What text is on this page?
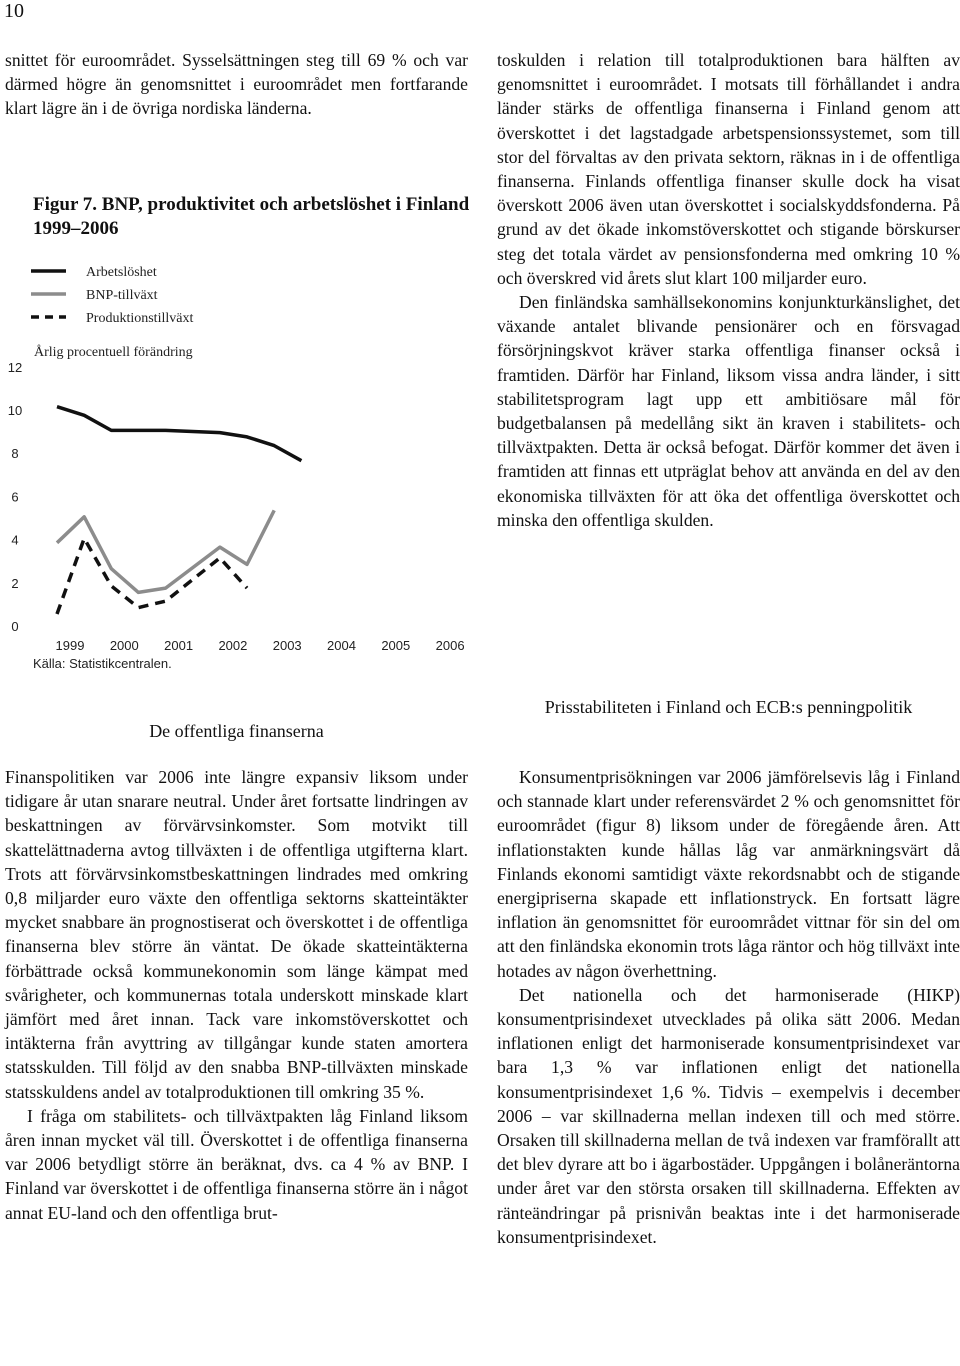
10

snittet för euroområdet. Sysselsättningen steg till 69 % och var därmed högre än genomsnittet i euroområdet men fortfarande klart lägre än i de övriga nordiska länderna.

Figur 7. BNP, produktivitet och arbetslöshet i Finland 1999–2006
Arbetslöshet
BNP-tillväxt
Produktionstillväxt
Årlig procentuell förändring
0
2
4
6
8
10
12
1999 2000 2001 2002 2003 2004 2005 2006
Källa: Statistikcentralen.
De offentliga finanserna

Finanspolitiken var 2006 inte längre expansiv liksom under tidigare år utan snarare neutral. Under året fortsatte lindringen av beskattningen av förvärvsinkomster. Som motvikt till skattelättnaderna avtog tillväxten i de offentliga utgifterna klart. Trots att förvärvsinkomstbeskattningen lindrades med omkring 0,8 miljarder euro växte den offentliga sektorns skatteintäkter mycket snabbare än prognostiserat och överskottet i de offentliga finanserna blev större än väntat. De ökade skatteintäkterna förbättrade också kommunekonomin som länge kämpat med svårigheter, och kommunernas totala underskott minskade klart jämfört med året innan. Tack vare inkomstöverskottet och intäkterna från avyttring av tillgångar kunde staten amortera statsskulden. Till följd av den snabba BNP-tillväxten minskade statsskuldens andel av totalproduktionen till omkring 35 %.

I fråga om stabilitets- och tillväxtpakten låg Finland liksom åren innan mycket väl till. Överskottet i de offentliga finanserna var 2006 betydligt större än beräknat, dvs. ca 4 % av BNP. I Finland var överskottet i de offentliga finanserna större än i något annat EU-land och den offentliga brut-

toskulden i relation till totalproduktionen bara hälften av genomsnittet i euroområdet. I motsats till förhållandet i andra länder stärks de offentliga finanserna i Finland genom att överskottet i det lagstadgade arbetspensionssystemet, som till stor del förvaltas av den privata sektorn, räknas in i de offentliga finanserna. Finlands offentliga finanser skulle dock ha visat överskott 2006 även utan överskottet i socialskyddsfonderna. På grund av det ökade inkomstöverskottet och stigande börskurser steg det totala värdet av pensionsfonderna med omkring 10 % och överskred vid årets slut klart 100 miljarder euro.

Den finländska samhällsekonomins konjunkturkänslighet, det växande antalet blivande pensionärer och en försvagad försörjningskvot kräver starka offentliga finanser också i framtiden. Därför har Finland, liksom vissa andra länder, i sitt stabilitetsprogram lagt upp ett ambitiösare mål för budgetbalansen på medellång sikt än kraven i stabilitets- och tillväxtpakten. Detta är också befogat. Därför kommer det även i framtiden att finnas ett utpräglat behov att använda en del av den ekonomiska tillväxten för att öka det offentliga överskottet och minska den offentliga skulden.

Prisstabiliteten i Finland och ECB:s penningpolitik

Konsumentprisökningen var 2006 jämförelsevis låg i Finland och stannade klart under referensvärdet 2 % och genomsnittet för euroområdet (figur 8) liksom under de föregående åren. Att inflationstakten kunde hållas låg var anmärkningsvärt då Finlands ekonomi samtidigt växte rekordsnabbt och de stigande energipriserna skapade ett inflationstryck. En fortsatt lägre inflation än genomsnittet för euroområdet vittnar för sin del om att den finländska ekonomin trots låga räntor och hög tillväxt inte hotades av någon överhettning.

Det nationella och det harmoniserade (HIKP) konsumentprisindexet utvecklades på olika sätt 2006. Medan inflationen enligt det harmoniserade konsumentprisindexet var bara 1,3 % var inflationen enligt det nationella konsumentprisindexet 1,6 %. Tidvis – exempelvis i december 2006 – var skillnaderna mellan indexen till och med större. Orsaken till skillnaderna mellan de två indexen var framförallt att det blev dyrare att bo i ägarbostäder. Uppgången i bolåneräntorna under året var den största orsaken till skillnaderna. Effekten av ränteändringar på prisnivån beaktas inte i det harmoniserade konsumentprisindexet.
